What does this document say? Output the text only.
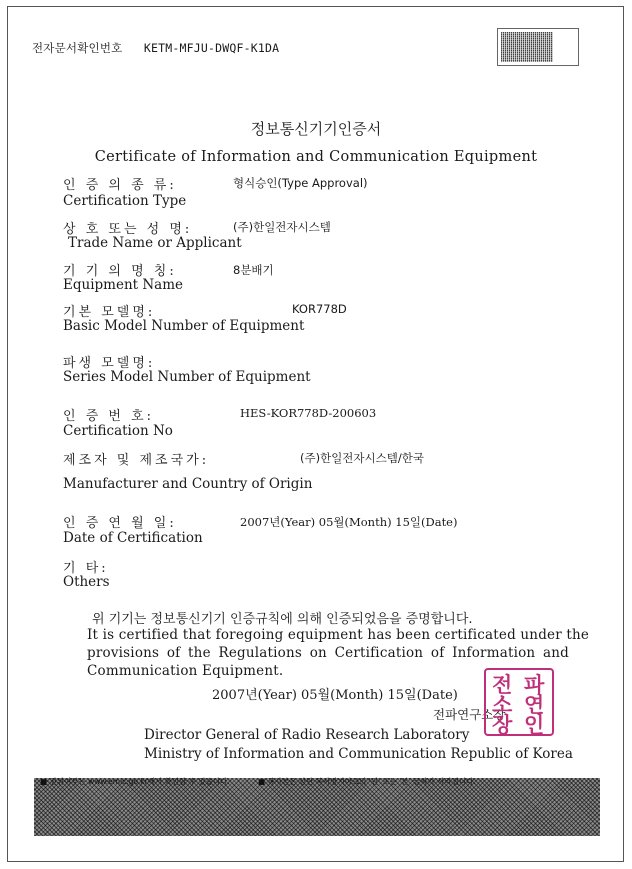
전자문서확인번호 KETM-MFJU-DWQF-K1DA
정보통신기기인증서
Certificate of Information and Communication Equipment
인 증 의 종 류:	형식승인(Type Approval)
Certification Type
상 호 또는 성 명:	(주)한일전자시스템
Trade Name or Applicant
기 기 의 명 칭:	8분배기
Equipment Name
기본 모델명:	KOR778D
Basic Model Number of Equipment
파생 모델명:
Series Model Number of Equipment
인 증 번 호:	HES-KOR778D-200603
Certification No
제조자 및 제조국가:	(주)한일전자시스템/한국
Manufacturer and Country of Origin
인 증 연 월 일:	2007년(Year) 05월(Month) 15일(Date)
Date of Certification
기 타:
Others
위 기기는 정보통신기기 인증규칙에 의해 인증되었음을 증명합니다.
It is certified that foregoing equipment has been certificated under the
provisions of the Regulations on Certification of Information and
Communication Equipment.
2007년(Year) 05월(Month) 15일(Date)
전파연구소장
전 파
소 연
장 인
Director General of Radio Research Laboratory
Ministry of Information and Communication Republic of Korea
■ 진위여부는 www.emic.go.kr에서 확인할 수 있습니다.	■ 복사본은 상단 복사방지마크의 '원' 또는 '본' 글자가 사라집니다.
